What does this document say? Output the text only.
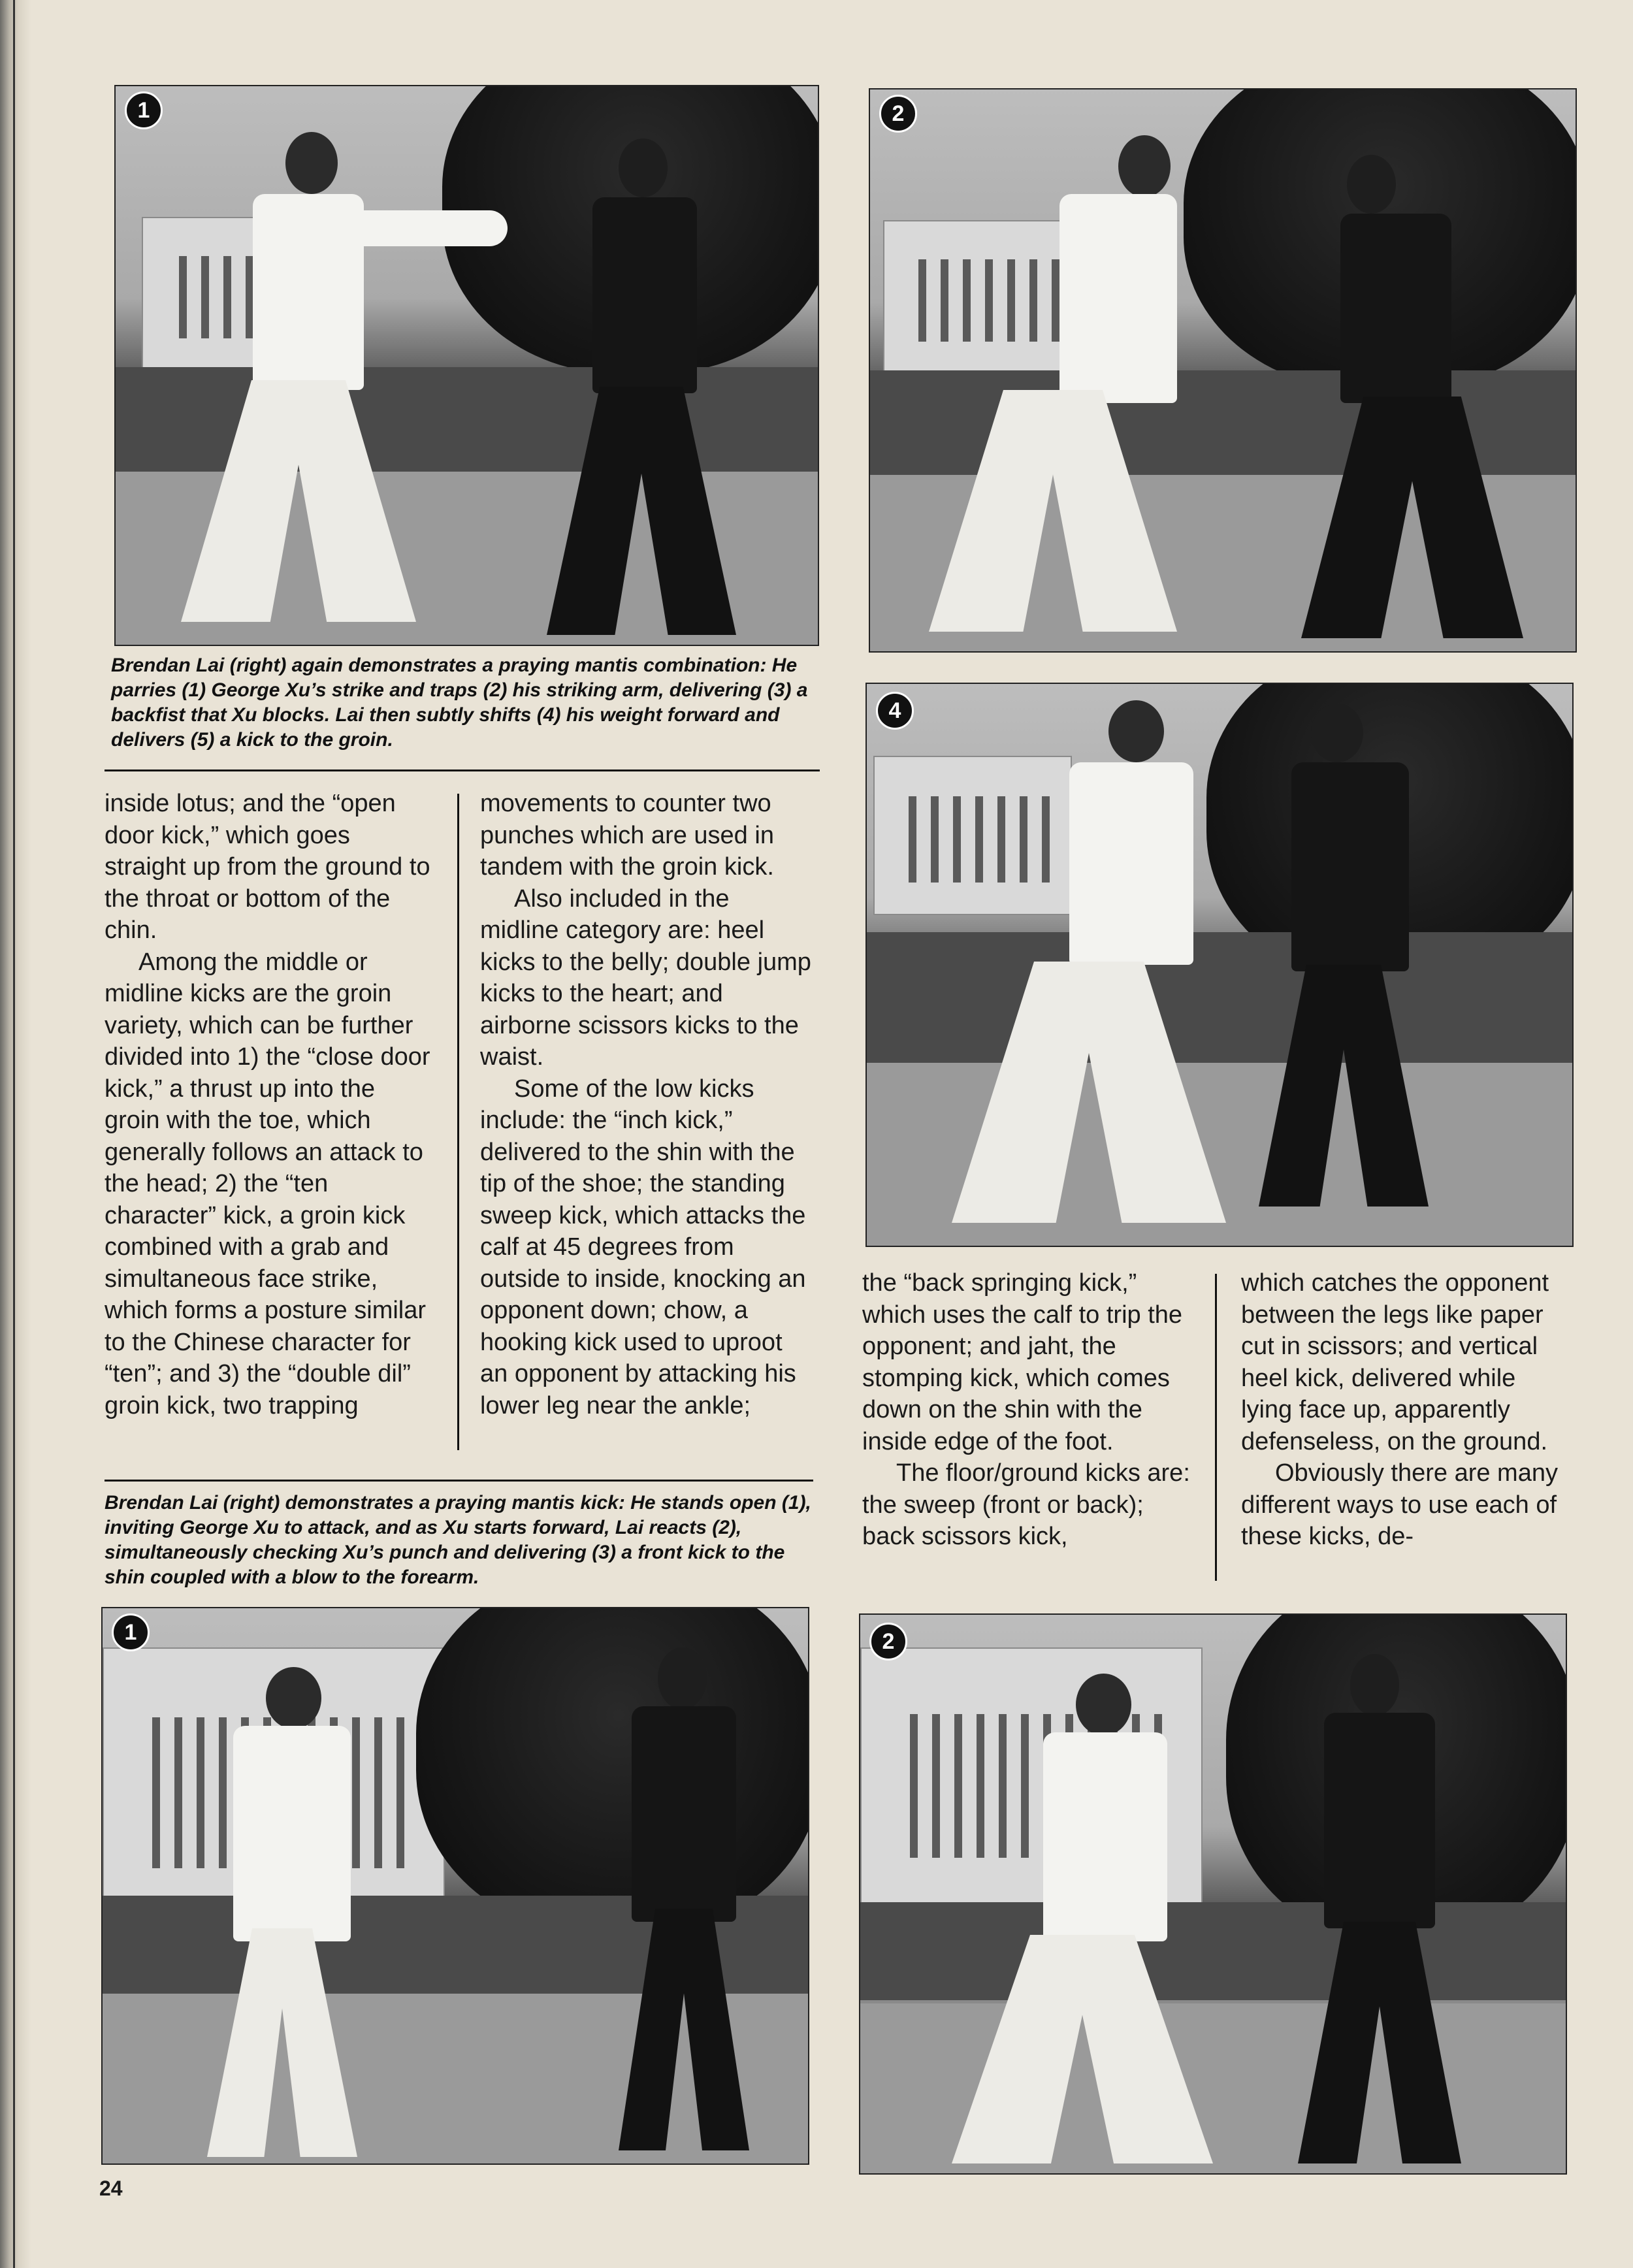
1	2
Brendan Lai (right) again demonstrates a praying mantis combination: He parries (1) George Xu’s strike and traps (2) his striking arm, delivering (3) a backfist that Xu blocks. Lai then subtly shifts (4) his weight forward and delivers (5) a kick to the groin.
4

inside lotus; and the “open door kick,” which goes straight up from the ground to the throat or bottom of the chin.

Among the middle or midline kicks are the groin variety, which can be further divided into 1) the “close door kick,” a thrust up into the groin with the toe, which generally follows an attack to the head; 2) the “ten character” kick, a groin kick combined with a grab and simultaneous face strike, which forms a posture similar to the Chinese character for “ten”; and 3) the “double dil” groin kick, two trapping

movements to counter two punches which are used in tandem with the groin kick.

Also included in the midline category are: heel kicks to the belly; double jump kicks to the heart; and airborne scissors kicks to the waist.

Some of the low kicks include: the “inch kick,” delivered to the shin with the tip of the shoe; the standing sweep kick, which attacks the calf at 45 degrees from outside to inside, knocking an opponent down; chow, a hooking kick used to uproot an opponent by attacking his lower leg near the ankle;

the “back springing kick,” which uses the calf to trip the opponent; and jaht, the stomping kick, which comes down on the shin with the inside edge of the foot.

The floor/ground kicks are: the sweep (front or back); back scissors kick,

which catches the opponent between the legs like paper cut in scissors; and vertical heel kick, delivered while lying face up, apparently defenseless, on the ground.

Obviously there are many different ways to use each of these kicks, de-

Brendan Lai (right) demonstrates a praying mantis kick: He stands open (1), inviting George Xu to attack, and as Xu starts forward, Lai reacts (2), simultaneously checking Xu’s punch and delivering (3) a front kick to the shin coupled with a blow to the forearm.
1	2
24
